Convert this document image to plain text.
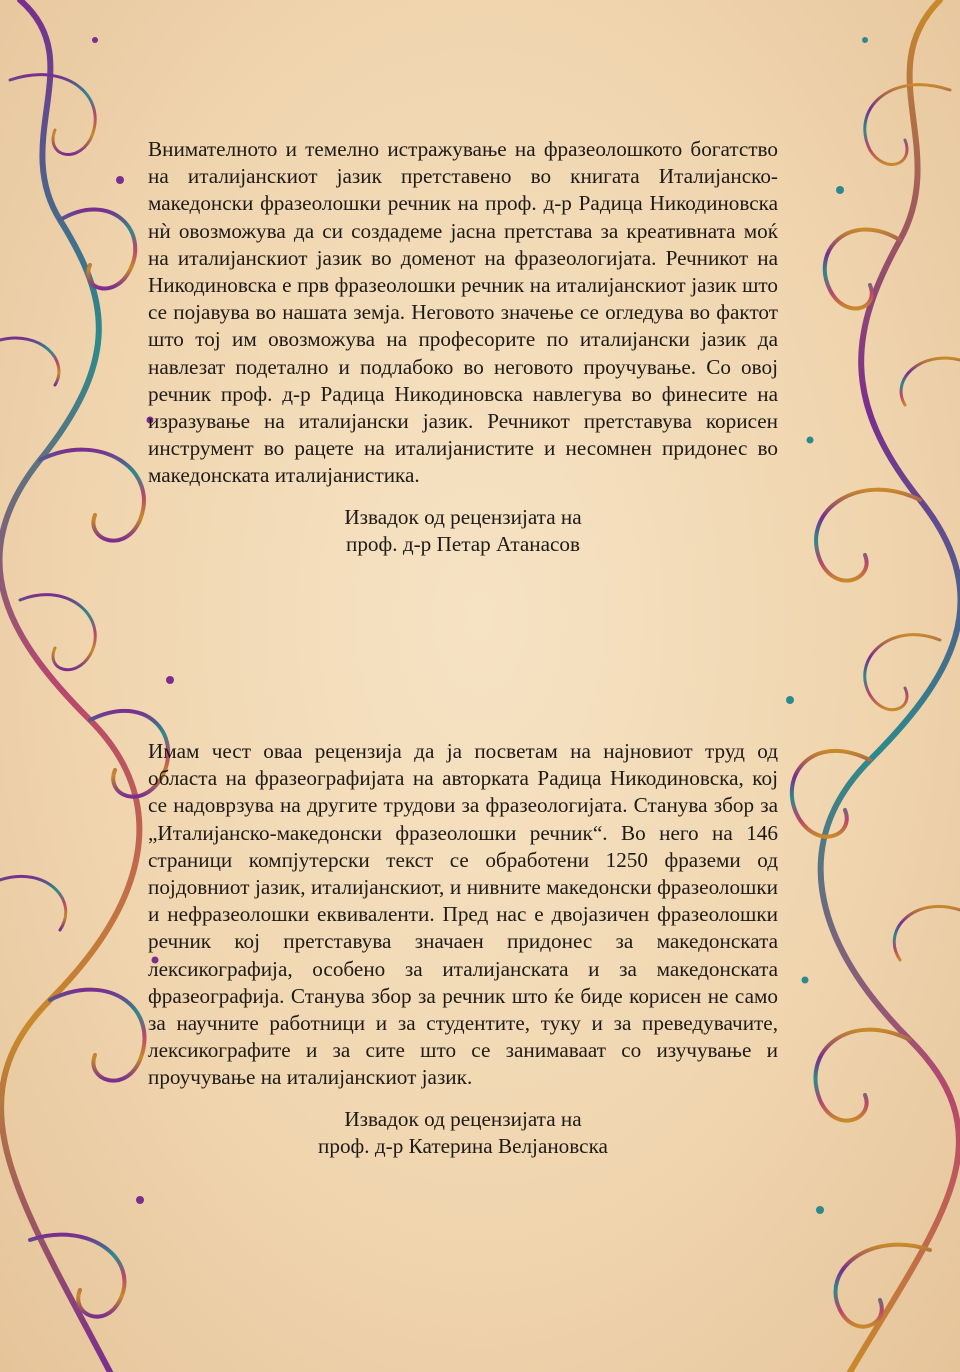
Внимателното и темелно истражување на фразеолошкото богатство на италијанскиот јазик претставено во книгата Италијанско-македонски фразеолошки речник на проф. д-р Радица Никодиновска нѝ овозможува да си создадеме јасна претстава за креативната моќ на италијанскиот јазик во доменот на фразеологијата. Речникот на Никодиновска е прв фразеолошки речник на италијанскиот јазик што се појавува во нашата земја. Неговото значење се огледува во фактот што тој им овозможува на професорите по италијански јазик да навлезат подетално и подлабоко во неговото проучување. Со овој речник проф. д-р Радица Никодиновска навлегува во финесите на изразување на италијански јазик. Речникот претставува корисен инструмент во рацете на италијанистите и несомнен придонес во македонската италијанистика.

Извадок од рецензијата на
проф. д-р Петар Атанасов

Имам чест оваа рецензија да ја посветам на најновиот труд од областа на фразеографијата на авторката Радица Никодиновска, кој се надоврзува на другите трудови за фразеологијата. Станува збор за „Италијанско-македонски фразеолошки речник“. Во него на 146 страници компјутерски текст се обработени 1250 фраземи од појдовниот јазик, италијанскиот, и нивните македонски фразеолошки и нефразеолошки еквиваленти. Пред нас е двојазичен фразеолошки речник кој претставува значаен придонес за македонската лексикографија, особено за италијанската и за македонската фразеографија. Станува збор за речник што ќе биде корисен не само за научните работници и за студентите, туку и за преведувачите, лексикографите и за сите што се занимаваат со изучување и проучување на италијанскиот јазик.

Извадок од рецензијата на
проф. д-р Катерина Велјановска
